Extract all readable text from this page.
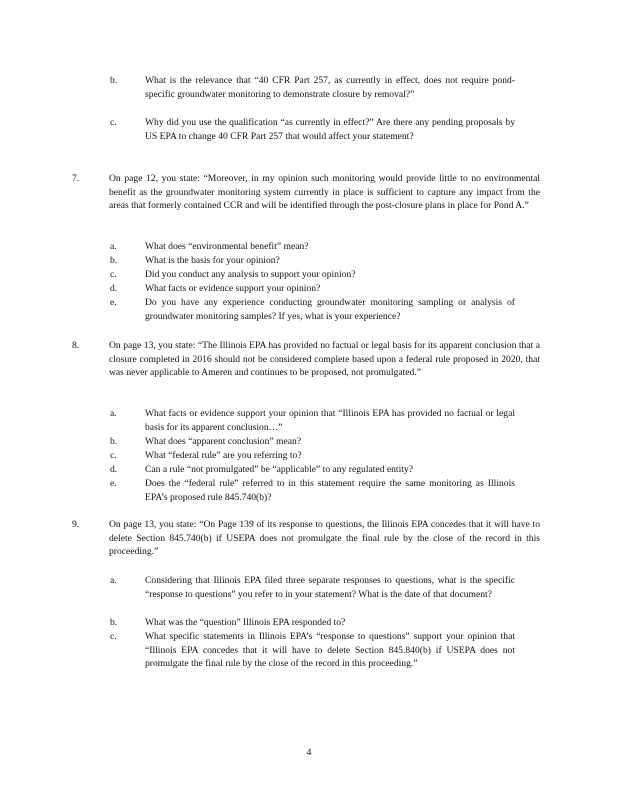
b.	What is the relevance that “40 CFR Part 257, as currently in effect, does not require pond-specific groundwater monitoring to demonstrate closure by removal?”
c.	Why did you use the qualification “as currently in effect?” Are there any pending proposals by US EPA to change 40 CFR Part 257 that would affect your statement?
7.	On page 12, you state: “Moreover, in my opinion such monitoring would provide little to no environmental benefit as the groundwater monitoring system currently in place is sufficient to capture any impact from the areas that formerly contained CCR and will be identified through the post-closure plans in place for Pond A.”
a.	What does “environmental benefit” mean?
b.	What is the basis for your opinion?
c.	Did you conduct any analysis to support your opinion?
d.	What facts or evidence support your opinion?
e.	Do you have any experience conducting groundwater monitoring sampling or analysis of groundwater monitoring samples? If yes, what is your experience?
8.	On page 13, you state: “The Illinois EPA has provided no factual or legal basis for its apparent conclusion that a closure completed in 2016 should not be considered complete based upon a federal rule proposed in 2020, that was never applicable to Ameren and continues to be proposed, not promulgated.”
a.	What facts or evidence support your opinion that “Illinois EPA has provided no factual or legal basis for its apparent conclusion…”
b.	What does “apparent conclusion” mean?
c.	What “federal rule” are you referring to?
d.	Can a rule “not promulgated” be “applicable” to any regulated entity?
e.	Does the “federal rule” referred to in this statement require the same monitoring as Illinois EPA’s proposed rule 845.740(b)?
9.	On page 13, you state: “On Page 139 of its response to questions, the Illinois EPA concedes that it will have to delete Section 845.740(b) if USEPA does not promulgate the final rule by the close of the record in this proceeding.”
a.	Considering that Illinois EPA filed three separate responses to questions, what is the specific “response to questions” you refer to in your statement? What is the date of that document?
b.	What was the “question” Illinois EPA responded to?
c.	What specific statements in Illinois EPA’s “response to questions” support your opinion that “Illinois EPA concedes that it will have to delete Section 845.840(b) if USEPA does not promulgate the final rule by the close of the record in this proceeding.”
4
